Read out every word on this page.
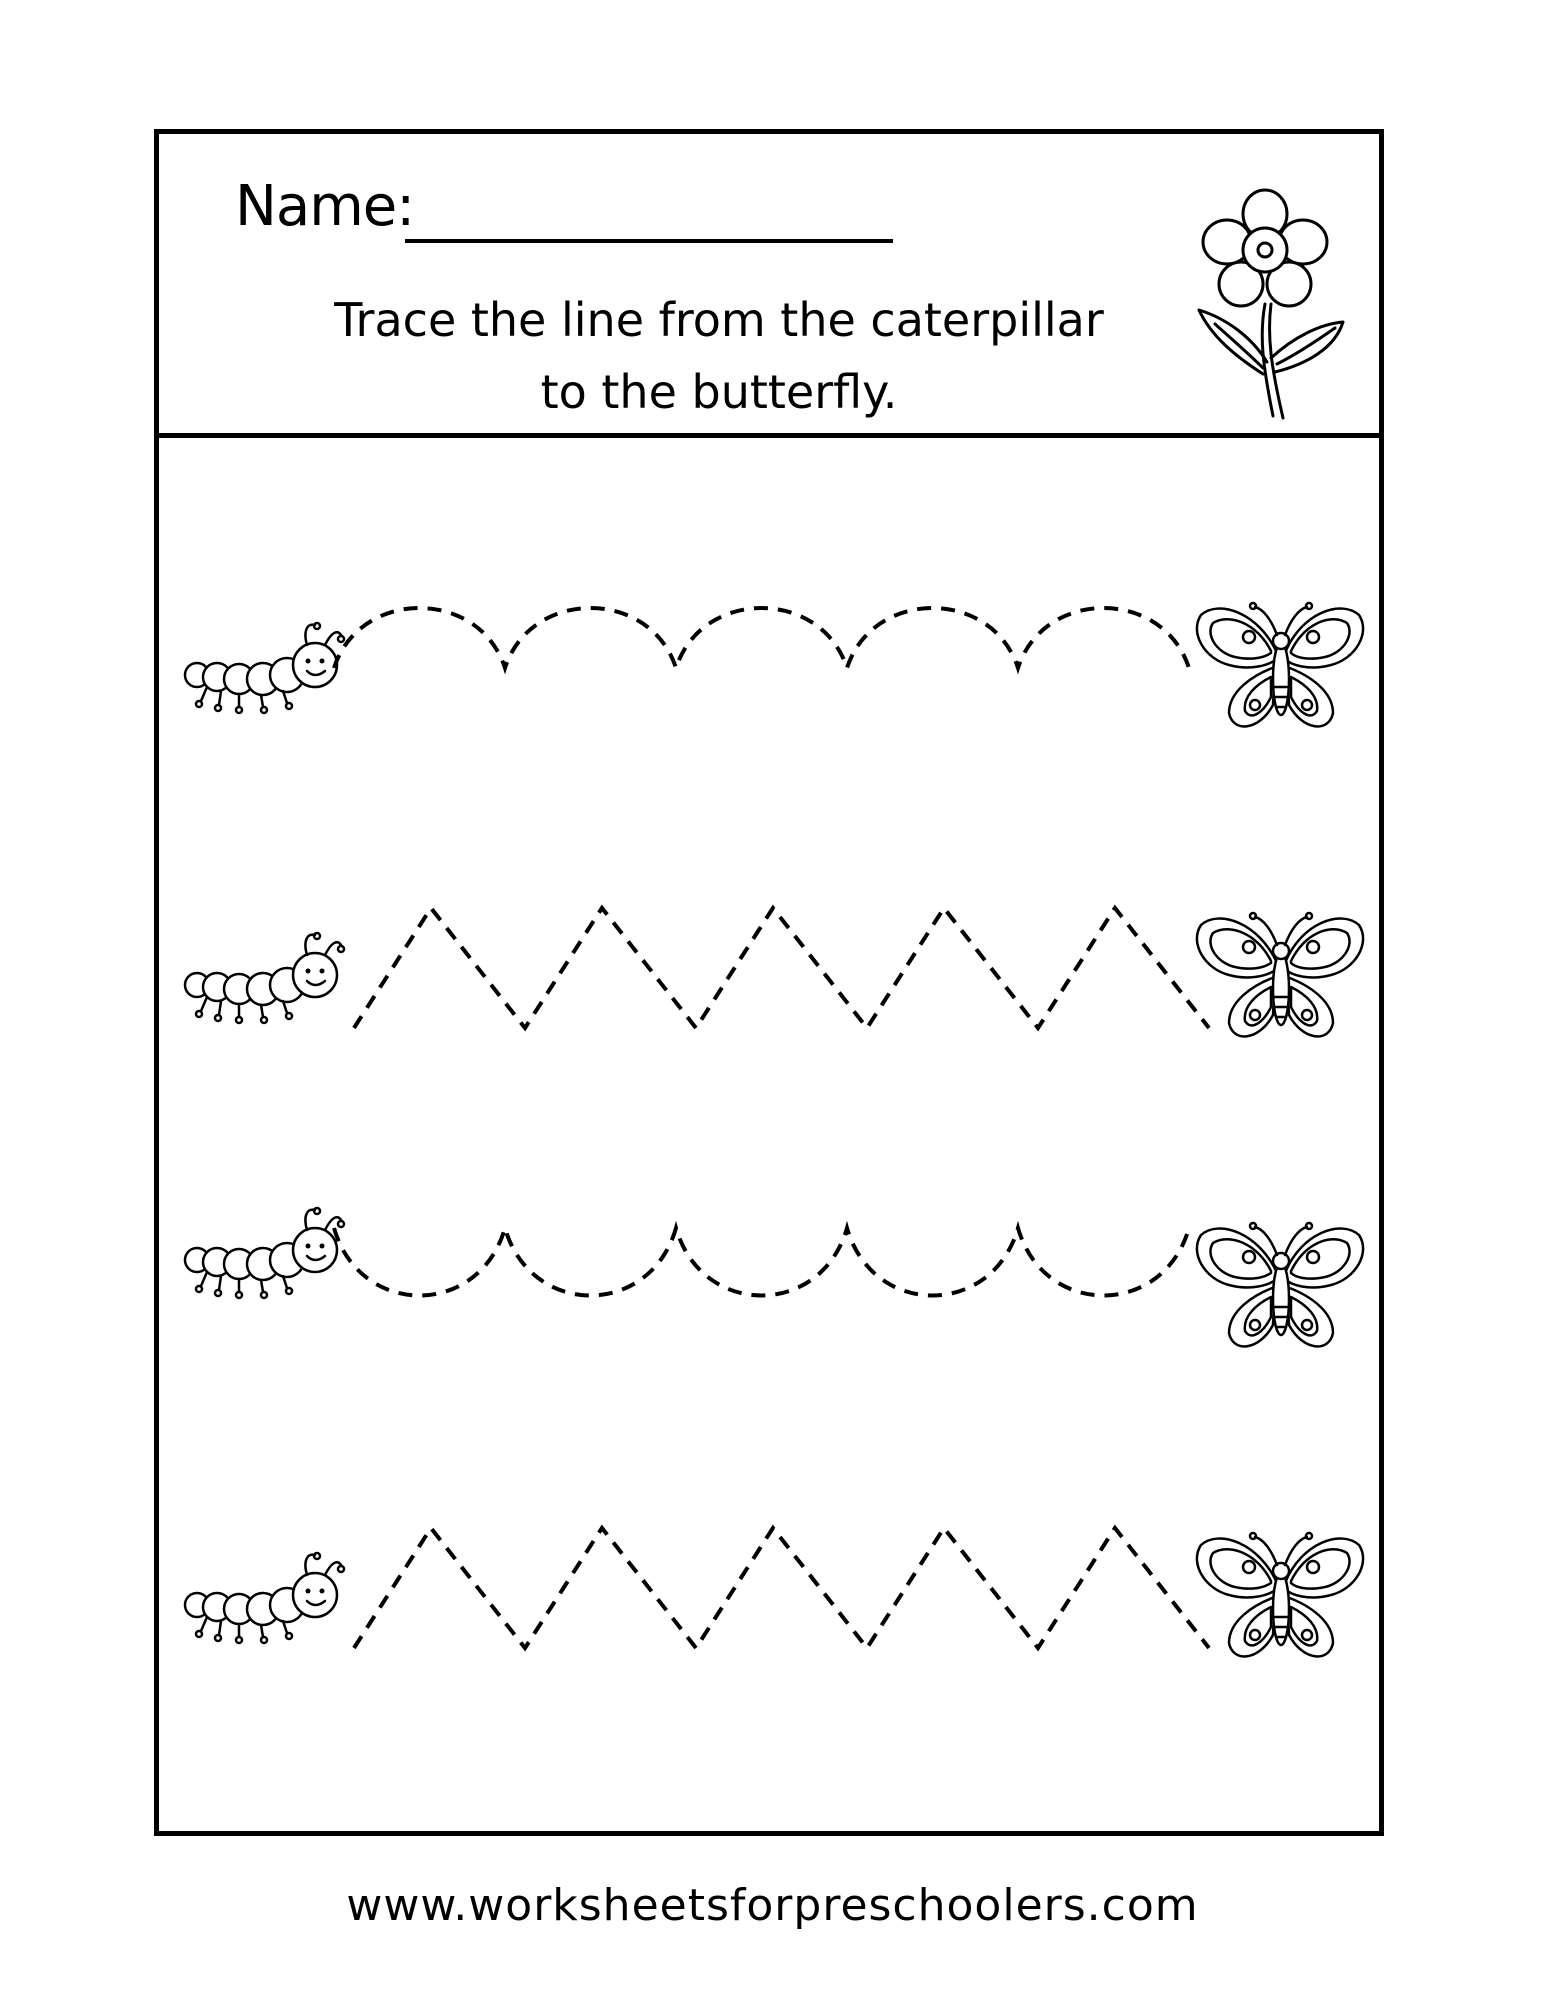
Name:
Trace the line from the caterpillar
to the butterfly.
www.worksheetsforpreschoolers.com
